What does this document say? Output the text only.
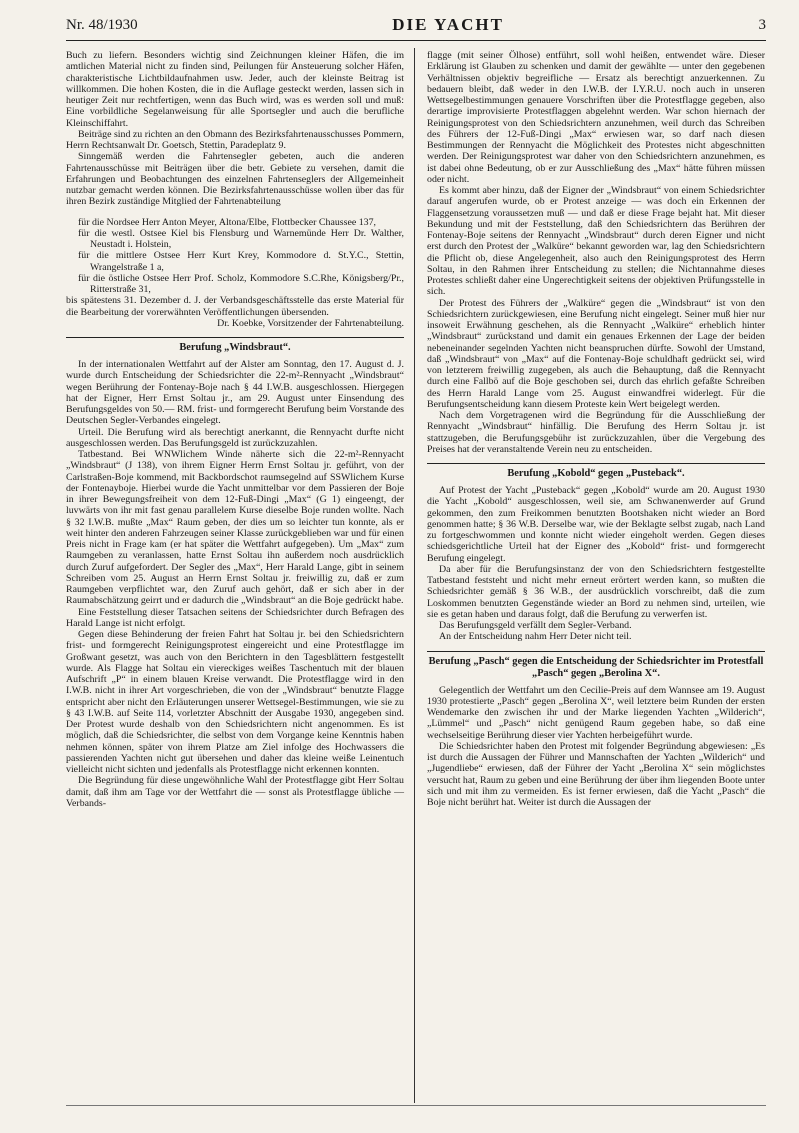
Nr. 48/1930	DIE YACHT	3

Buch zu liefern. Besonders wichtig sind Zeichnungen kleiner Häfen, die im amtlichen Material nicht zu finden sind, Peilungen für Ansteuerung solcher Häfen, charakteristische Lichtbildaufnahmen usw. Jeder, auch der kleinste Beitrag ist willkommen. Die hohen Kosten, die in die Auflage gesteckt werden, lassen sich in heutiger Zeit nur rechtfertigen, wenn das Buch wird, was es werden soll und muß: Eine vorbildliche Segelanweisung für alle Sportsegler und auch die berufliche Kleinschiffahrt.

Beiträge sind zu richten an den Obmann des Bezirksfahrtenausschusses Pommern, Herrn Rechtsanwalt Dr. Goetsch, Stettin, Paradeplatz 9.

Sinngemäß werden die Fahrtensegler gebeten, auch die anderen Fahrtenausschüsse mit Beiträgen über die betr. Gebiete zu versehen, damit die Erfahrungen und Beobachtungen des einzelnen Fahrtenseglers der Allgemeinheit nutzbar gemacht werden können. Die Bezirksfahrtenausschüsse wollen über das für ihren Bezirk zuständige Mitglied der Fahrtenabteilung

für die Nordsee Herr Anton Meyer, Altona/Elbe, Flottbecker Chaussee 137,

für die westl. Ostsee Kiel bis Flensburg und Warnemünde Herr Dr. Walther, Neustadt i. Holstein,

für die mittlere Ostsee Herr Kurt Krey, Kommodore d. St.Y.C., Stettin, Wrangelstraße 1 a,

für die östliche Ostsee Herr Prof. Scholz, Kommodore S.C.Rhe, Königsberg/Pr., Ritterstraße 31,

bis spätestens 31. Dezember d. J. der Verbandsgeschäftsstelle das erste Material für die Bearbeitung der vorerwähnten Veröffentlichungen übersenden.

Dr. Koebke, Vorsitzender der Fahrtenabteilung.

Berufung „Windsbraut“.

In der internationalen Wettfahrt auf der Alster am Sonntag, den 17. August d. J. wurde durch Entscheidung der Schiedsrichter die 22-m²-Rennyacht „Windsbraut“ wegen Berührung der Fontenay-Boje nach § 44 I.W.B. ausgeschlossen. Hiergegen hat der Eigner, Herr Ernst Soltau jr., am 29. August unter Einsendung des Berufungsgeldes von 50.— RM. frist- und formgerecht Berufung beim Vorstande des Deutschen Segler-Verbandes eingelegt.

Urteil. Die Berufung wird als berechtigt anerkannt, die Rennyacht durfte nicht ausgeschlossen werden. Das Berufungsgeld ist zurückzuzahlen.

Tatbestand. Bei WNWlichem Winde näherte sich die 22-m²-Rennyacht „Windsbraut“ (J 138), von ihrem Eigner Herrn Ernst Soltau jr. geführt, von der Carlstraßen-Boje kommend, mit Backbordschot raumsegelnd auf SSWlichem Kurse der Fontenayboje. Hierbei wurde die Yacht unmittelbar vor dem Passieren der Boje in ihrer Bewegungsfreiheit von dem 12-Fuß-Dingi „Max“ (G 1) eingeengt, der luvwärts von ihr mit fast genau parallelem Kurse dieselbe Boje runden wollte. Nach § 32 I.W.B. mußte „Max“ Raum geben, der dies um so leichter tun konnte, als er weit hinter den anderen Fahrzeugen seiner Klasse zurückgeblieben war und für einen Preis nicht in Frage kam (er hat später die Wettfahrt aufgegeben). Um „Max“ zum Raumgeben zu veranlassen, hatte Ernst Soltau ihn außerdem noch ausdrücklich durch Zuruf aufgefordert. Der Segler des „Max“, Herr Harald Lange, gibt in seinem Schreiben vom 25. August an Herrn Ernst Soltau jr. freiwillig zu, daß er zum Raumgeben verpflichtet war, den Zuruf auch gehört, daß er sich aber in der Raumabschätzung geirrt und er dadurch die „Windsbraut“ an die Boje gedrückt habe.

Eine Feststellung dieser Tatsachen seitens der Schiedsrichter durch Befragen des Harald Lange ist nicht erfolgt.

Gegen diese Behinderung der freien Fahrt hat Soltau jr. bei den Schiedsrichtern frist- und formgerecht Reinigungsprotest eingereicht und eine Protestflagge im Großwant gesetzt, was auch von den Berichtern in den Tagesblättern festgestellt wurde. Als Flagge hat Soltau ein viereckiges weißes Taschentuch mit der blauen Aufschrift „P“ in einem blauen Kreise verwandt. Die Protestflagge wird in den I.W.B. nicht in ihrer Art vorgeschrieben, die von der „Windsbraut“ benutzte Flagge entspricht aber nicht den Erläuterungen unserer Wettsegel-Bestimmungen, wie sie zu § 43 I.W.B. auf Seite 114, vorletzter Abschnitt der Ausgabe 1930, angegeben sind. Der Protest wurde deshalb von den Schiedsrichtern nicht angenommen. Es ist möglich, daß die Schiedsrichter, die selbst von dem Vorgange keine Kenntnis haben nehmen können, später von ihrem Platze am Ziel infolge des Hochwassers die passierenden Yachten nicht gut übersehen und daher das kleine weiße Leinentuch vielleicht nicht sichten und jedenfalls als Protestflagge nicht erkennen konnten.

Die Begründung für diese ungewöhnliche Wahl der Protestflagge gibt Herr Soltau damit, daß ihm am Tage vor der Wettfahrt die — sonst als Protestflagge übliche — Verbands-

flagge (mit seiner Ölhose) entführt, soll wohl heißen, entwendet wäre. Dieser Erklärung ist Glauben zu schenken und damit der gewählte — unter den gegebenen Verhältnissen objektiv begreifliche — Ersatz als berechtigt anzuerkennen. Zu bedauern bleibt, daß weder in den I.W.B. der I.Y.R.U. noch auch in unseren Wettsegelbestimmungen genauere Vorschriften über die Protestflagge gegeben, also derartige improvisierte Protestflaggen abgelehnt werden. War schon hiernach der Reinigungsprotest von den Schiedsrichtern anzunehmen, weil durch das Schreiben des Führers der 12-Fuß-Dingi „Max“ erwiesen war, so darf nach diesen Bestimmungen der Rennyacht die Möglichkeit des Protestes nicht abgeschnitten werden. Der Reinigungsprotest war daher von den Schiedsrichtern anzunehmen, es ist dabei ohne Bedeutung, ob er zur Ausschließung des „Max“ hätte führen müssen oder nicht.

Es kommt aber hinzu, daß der Eigner der „Windsbraut“ von einem Schiedsrichter darauf angerufen wurde, ob er Protest anzeige — was doch ein Erkennen der Flaggensetzung voraussetzen muß — und daß er diese Frage bejaht hat. Mit dieser Bekundung und mit der Feststellung, daß den Schiedsrichtern das Berühren der Fontenay-Boje seitens der Rennyacht „Windsbraut“ durch deren Eigner und nicht erst durch den Protest der „Walküre“ bekannt geworden war, lag den Schiedsrichtern die Pflicht ob, diese Angelegenheit, also auch den Reinigungsprotest des Herrn Soltau, in den Rahmen ihrer Entscheidung zu stellen; die Nichtannahme dieses Protestes schließt daher eine Ungerechtigkeit seitens der objektiven Prüfungsstelle in sich.

Der Protest des Führers der „Walküre“ gegen die „Windsbraut“ ist von den Schiedsrichtern zurückgewiesen, eine Berufung nicht eingelegt. Seiner muß hier nur insoweit Erwähnung geschehen, als die Rennyacht „Walküre“ erheblich hinter „Windsbraut“ zurückstand und damit ein genaues Erkennen der Lage der beiden nebeneinander segelnden Yachten nicht beanspruchen dürfte. Sowohl der Umstand, daß „Windsbraut“ von „Max“ auf die Fontenay-Boje schuldhaft gedrückt sei, wird von letzterem freiwillig zugegeben, als auch die Behauptung, daß die Rennyacht durch eine Fallbö auf die Boje geschoben sei, durch das ehrlich gefaßte Schreiben des Herrn Harald Lange vom 25. August einwandfrei widerlegt. Für die Berufungsentscheidung kann diesem Proteste kein Wert beigelegt werden.

Nach dem Vorgetragenen wird die Begründung für die Ausschließung der Rennyacht „Windsbraut“ hinfällig. Die Berufung des Herrn Soltau jr. ist stattzugeben, die Berufungsgebühr ist zurückzuzahlen, über die Vergebung des Preises hat der veranstaltende Verein neu zu entscheiden.

Berufung „Kobold“ gegen „Pusteback“.

Auf Protest der Yacht „Pusteback“ gegen „Kobold“ wurde am 20. August 1930 die Yacht „Kobold“ ausgeschlossen, weil sie, am Schwanenwerder auf Grund gekommen, den zum Freikommen benutzten Bootshaken nicht wieder an Bord genommen hatte; § 36 W.B. Derselbe war, wie der Beklagte selbst zugab, nach Land zu fortgeschwommen und konnte nicht wieder eingeholt werden. Gegen dieses schiedsgerichtliche Urteil hat der Eigner des „Kobold“ frist- und formgerecht Berufung eingelegt.

Da aber für die Berufungsinstanz der von den Schiedsrichtern festgestellte Tatbestand feststeht und nicht mehr erneut erörtert werden kann, so mußten die Schiedsrichter gemäß § 36 W.B., der ausdrücklich vorschreibt, daß die zum Loskommen benutzten Gegenstände wieder an Bord zu nehmen sind, urteilen, wie sie es getan haben und daraus folgt, daß die Berufung zu verwerfen ist.

Das Berufungsgeld verfällt dem Segler-Verband.

An der Entscheidung nahm Herr Deter nicht teil.

Berufung „Pasch“ gegen die Entscheidung der Schiedsrichter im Protestfall „Pasch“ gegen „Berolina X“.

Gelegentlich der Wettfahrt um den Cecilie-Preis auf dem Wannsee am 19. August 1930 protestierte „Pasch“ gegen „Berolina X“, weil letztere beim Runden der ersten Wendemarke den zwischen ihr und der Marke liegenden Yachten „Wilderich“, „Lümmel“ und „Pasch“ nicht genügend Raum gegeben habe, so daß eine wechselseitige Berührung dieser vier Yachten herbeigeführt wurde.

Die Schiedsrichter haben den Protest mit folgender Begründung abgewiesen: „Es ist durch die Aussagen der Führer und Mannschaften der Yachten „Wilderich“ und „Jugendliebe“ erwiesen, daß der Führer der Yacht „Berolina X“ sein möglichstes versucht hat, Raum zu geben und eine Berührung der über ihm liegenden Boote unter sich und mit ihm zu vermeiden. Es ist ferner erwiesen, daß die Yacht „Pasch“ die Boje nicht berührt hat. Weiter ist durch die Aussagen der
